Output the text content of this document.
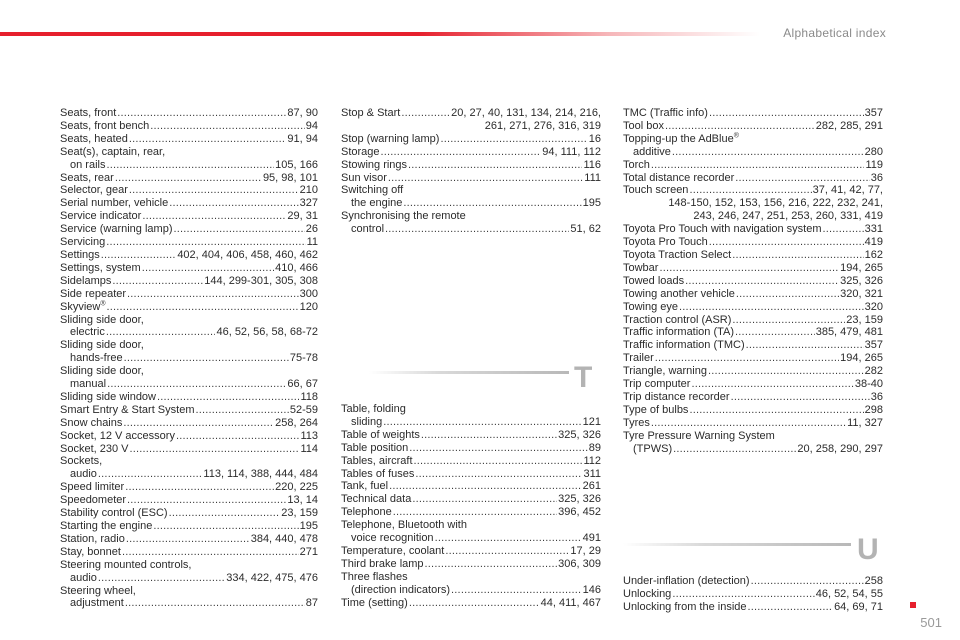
Alphabetical index
Seats, front .....	87, 90
Seats, front bench .....	94
Seats, heated .....	91, 94
Seat(s), captain, rear,
on rails .....	105, 166
Seats, rear .....	95, 98, 101
Selector, gear .....	210
Serial number, vehicle .....	327
Service indicator .....	29, 31
Service (warning lamp) .....	26
Servicing .....	11
Settings .....	402, 404, 406, 458, 460, 462
Settings, system .....	410, 466
Sidelamps .....	144, 299-301, 305, 308
Side repeater .....	300
Skyview® .....	120
Sliding side door,
electric .....	46, 52, 56, 58, 68-72
Sliding side door,
hands-free .....	75-78
Sliding side door,
manual .....	66, 67
Sliding side window .....	118
Smart Entry & Start System .....	52-59
Snow chains .....	258, 264
Socket, 12 V accessory .....	113
Socket, 230 V .....	114
Sockets,
audio .....	113, 114, 388, 444, 484
Speed limiter .....	220, 225
Speedometer .....	13, 14
Stability control (ESC) .....	23, 159
Starting the engine .....	195
Station, radio .....	384, 440, 478
Stay, bonnet .....	271
Steering mounted controls,
audio .....	334, 422, 475, 476
Steering wheel,
adjustment .....	87
Stop & Start .....	20, 27, 40, 131, 134, 214, 216,
261, 271, 276, 316, 319
Stop (warning lamp) .....	16
Storage .....	94, 111, 112
Stowing rings .....	116
Sun visor .....	111
Switching off
the engine .....	195
Synchronising the remote
control .....	51, 62
T
Table, folding
sliding .....	121
Table of weights .....	325, 326
Table position .....	89
Tables, aircraft .....	112
Tables of fuses .....	311
Tank, fuel .....	261
Technical data .....	325, 326
Telephone .....	396, 452
Telephone, Bluetooth with
voice recognition .....	491
Temperature, coolant .....	17, 29
Third brake lamp .....	306, 309
Three flashes
(direction indicators) .....	146
Time (setting) .....	44, 411, 467
TMC (Traffic info) .....	357
Tool box .....	282, 285, 291
Topping-up the AdBlue®
additive .....	280
Torch .....	119
Total distance recorder .....	36
Touch screen .....	37, 41, 42, 77,
148-150, 152, 153, 156, 216, 222, 232, 241,
243, 246, 247, 251, 253, 260, 331, 419
Toyota Pro Touch with navigation system .....	331
Toyota Pro Touch .....	419
Toyota Traction Select .....	162
Towbar .....	194, 265
Towed loads .....	325, 326
Towing another vehicle .....	320, 321
Towing eye .....	320
Traction control (ASR) .....	23, 159
Traffic information (TA) .....	385, 479, 481
Traffic information (TMC) .....	357
Trailer .....	194, 265
Triangle, warning .....	282
Trip computer .....	38-40
Trip distance recorder .....	36
Type of bulbs .....	298
Tyres .....	11, 327
Tyre Pressure Warning System
(TPWS) .....	20, 258, 290, 297
U
Under-inflation (detection) .....	258
Unlocking .....	46, 52, 54, 55
Unlocking from the inside .....	64, 69, 71
501
